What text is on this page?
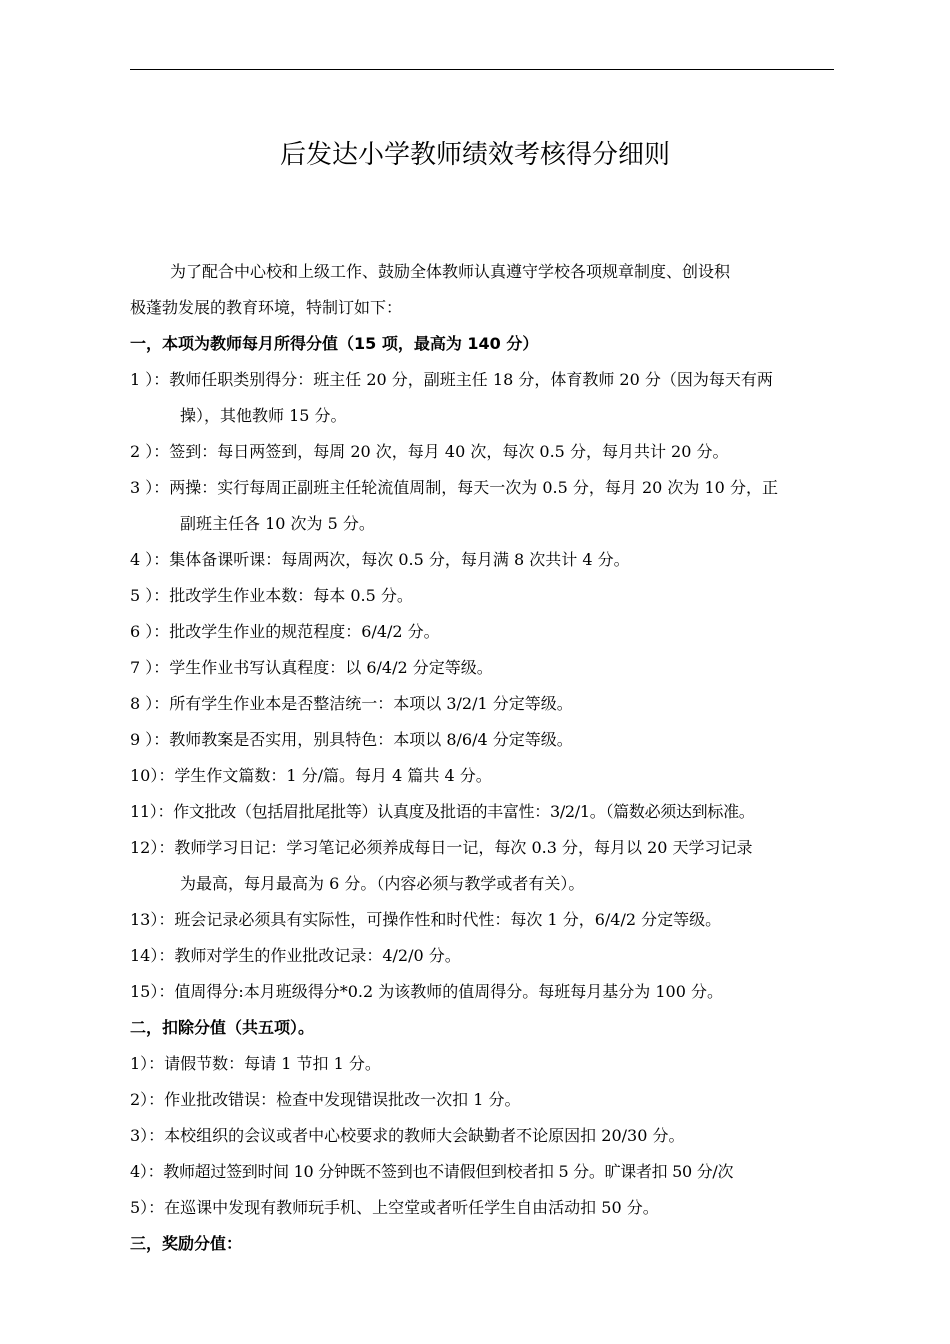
后发达小学教师绩效考核得分细则
为了配合中心校和上级工作、鼓励全体教师认真遵守学校各项规章制度、创设积
极蓬勃发展的教育环境，特制订如下：
一，本项为教师每月所得分值（15 项，最高为 140 分）
1 ）：教师任职类别得分：班主任 20 分，副班主任 18 分，体育教师 20 分（因为每天有两
操），其他教师 15 分。
2 ）：签到：每日两签到，每周 20 次，每月 40 次，每次 0.5 分，每月共计 20 分。
3 ）：两操：实行每周正副班主任轮流值周制，每天一次为 0.5 分，每月 20 次为 10 分，正
副班主任各 10 次为 5 分。
4 ）：集体备课听课：每周两次，每次 0.5 分，每月满 8 次共计 4 分。
5 ）：批改学生作业本数：每本 0.5 分。
6 ）：批改学生作业的规范程度：6/4/2 分。
7 ）：学生作业书写认真程度：以 6/4/2 分定等级。
8 ）：所有学生作业本是否整洁统一：本项以 3/2/1 分定等级。
9 ）：教师教案是否实用，别具特色：本项以 8/6/4 分定等级。
10）：学生作文篇数：1 分/篇。每月 4 篇共 4 分。
11）：作文批改（包括眉批尾批等）认真度及批语的丰富性：3/2/1。（篇数必须达到标准。
12）：教师学习日记：学习笔记必须养成每日一记，每次 0.3 分，每月以 20 天学习记录
为最高，每月最高为 6 分。（内容必须与教学或者有关）。
13）：班会记录必须具有实际性，可操作性和时代性：每次 1 分，6/4/2 分定等级。
14）：教师对学生的作业批改记录：4/2/0 分。
15）：值周得分:本月班级得分*0.2 为该教师的值周得分。每班每月基分为 100 分。
二，扣除分值（共五项）。
1）：请假节数：每请 1 节扣 1 分。
2）：作业批改错误：检查中发现错误批改一次扣 1 分。
3）：本校组织的会议或者中心校要求的教师大会缺勤者不论原因扣 20/30 分。
4）：教师超过签到时间 10 分钟既不签到也不请假但到校者扣 5 分。旷课者扣 50 分/次
5）：在巡课中发现有教师玩手机、上空堂或者听任学生自由活动扣 50 分。
三，奖励分值：
